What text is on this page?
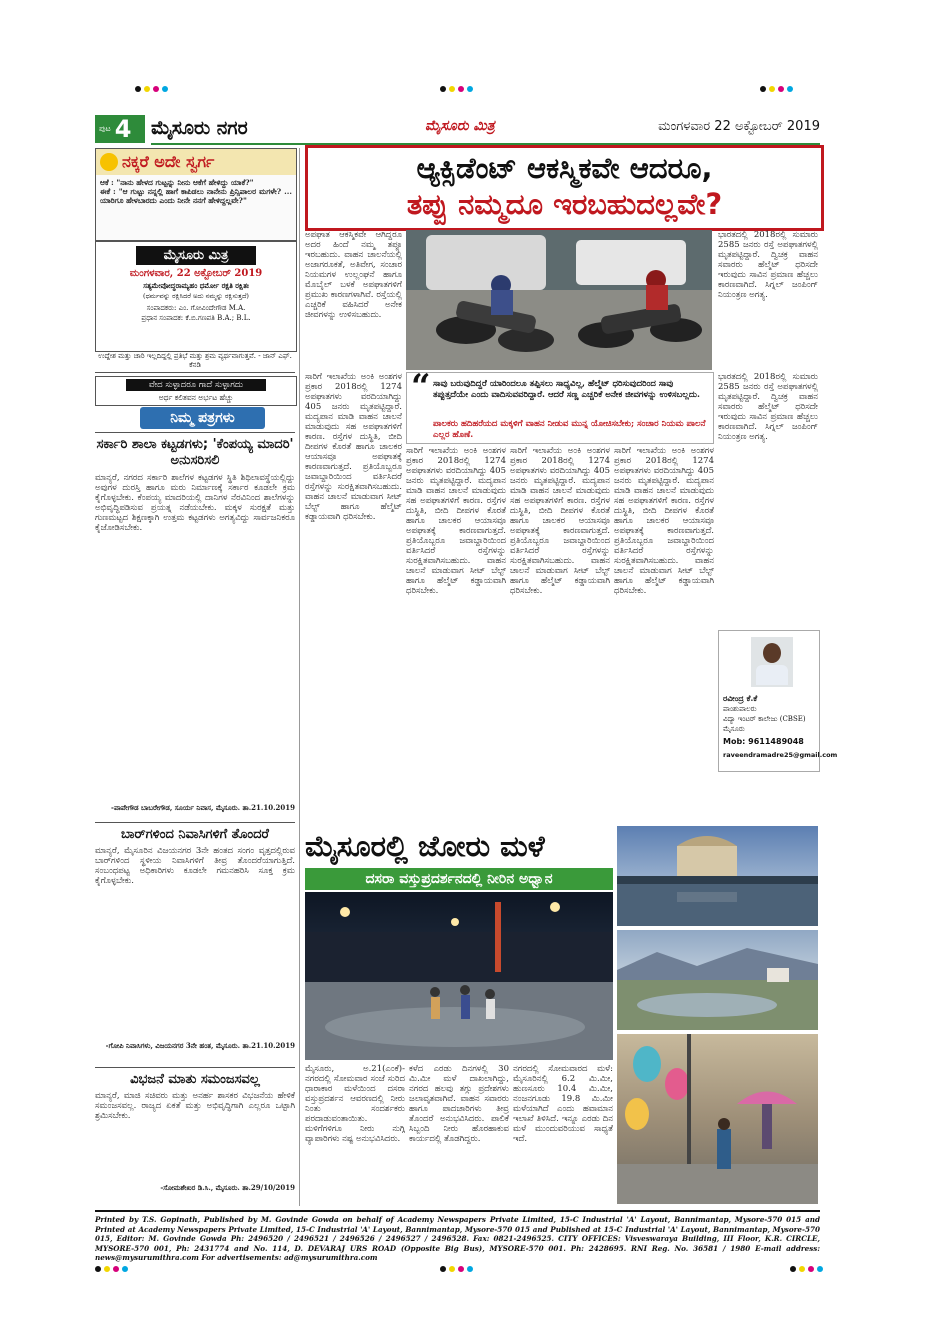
ಪುಟ 4 ಮೈಸೂರು ನಗರ	ಮೈಸೂರು ಮಿತ್ರ	ಮಂಗಳವಾರ 22 ಅಕ್ಟೋಬರ್ 2019
ನಕ್ಕರೆ ಅದೇ ಸ್ವರ್ಗ
ಆಕೆ : "ನಾನು ಹೇಳದ ಗುಟ್ಟನ್ನು ನೀನು ಆಕೆಗೆ ಹೇಳಿದ್ದು ಯಾಕೆ?"
ಈಕೆ : "ಆ ಗುಟ್ಟು ನನ್ನಲ್ಲಿ ಹಾಗೆ ಕಾಪಿಡಲು ನಾನೇನು ಪ್ರಿನ್ಸಿಪಾಲರ ಮಗಳೇ? ... ಯಾರಿಗೂ ಹೇಳಬಾರದು ಎಂದು ನೀನೇ ನನಗೆ ಹೇಳಿದ್ದಲ್ಲವೇ?"
ಮೈಸೂರು ಮಿತ್ರ
ಮಂಗಳವಾರ, 22 ಅಕ್ಟೋಬರ್ 2019
ಸತ್ಯಮೇವೋದ್ಧರಾಮ್ಯಹಂ ಧರ್ಮೋ ರಕ್ಷತಿ ರಕ್ಷಿತಃ
(ಧರ್ಮವನ್ನು ರಕ್ಷಿಸಿದರೆ ಅದು ನಮ್ಮನ್ನು ರಕ್ಷಿಸುತ್ತದೆ)
ಸಂಪಾದಕರು: ಎಂ. ಗೋವಿಂದೇಗೌಡ M.A.
ಪ್ರಧಾನ ಸಂಪಾದಕ: ಕೆ.ಬಿ.ಗಣಪತಿ B.A.; B.L.
ಉದ್ದೇಶ ಮತ್ತು ಚಾರಿ ಇಲ್ಲದಿದ್ದಲ್ಲಿ ಪ್ರತಿಭೆ ಮತ್ತು ಶ್ರಮ ವ್ಯರ್ಥವಾಗುತ್ತವೆ. - ಜಾನ್ ಎಫ್. ಕೆನಡಿ
ವೇದ ಸುಳ್ಳಾದರೂ ಗಾದೆ ಸುಳ್ಳಾಗದು
ಅರ್ಧ ಕಲಿತವನ ಅರ್ಭಟ ಹೆಚ್ಚು
ನಿಮ್ಮ ಪತ್ರಗಳು
ಸರ್ಕಾರಿ ಶಾಲಾ ಕಟ್ಟಡಗಳು; 'ಕೆಂಪಯ್ಯ ಮಾದರಿ' ಅನುಸರಿಸಲಿ
ಮಾನ್ಯರೆ, ನಗರದ ಸರ್ಕಾರಿ ಶಾಲೆಗಳ ಕಟ್ಟಡಗಳ ಸ್ಥಿತಿ ಶಿಥಿಲಾವಸ್ಥೆಯಲ್ಲಿದ್ದು ಅವುಗಳ ದುರಸ್ತಿ ಹಾಗೂ ಮರು ನಿರ್ಮಾಣಕ್ಕೆ ಸರ್ಕಾರ ಕೂಡಲೇ ಕ್ರಮ ಕೈಗೊಳ್ಳಬೇಕು. ಕೆಂಪಯ್ಯ ಮಾದರಿಯಲ್ಲಿ ದಾನಿಗಳ ನೆರವಿನಿಂದ ಶಾಲೆಗಳನ್ನು ಅಭಿವೃದ್ಧಿಪಡಿಸುವ ಪ್ರಯತ್ನ ನಡೆಯಬೇಕು. ಮಕ್ಕಳ ಸುರಕ್ಷತೆ ಮತ್ತು ಗುಣಮಟ್ಟದ ಶಿಕ್ಷಣಕ್ಕಾಗಿ ಉತ್ತಮ ಕಟ್ಟಡಗಳು ಅಗತ್ಯವಿದ್ದು ಸಾರ್ವಜನಿಕರೂ ಕೈಜೋಡಿಸಬೇಕು.
-ಪಾಪೇಗೌಡ ಬಾಬರೇಗೌಡ, ಸೂರ್ಯ ನಿವಾಸ, ಮೈಸೂರು. ತಾ.21.10.2019
ಬಾರ್‌ಗಳಿಂದ ನಿವಾಸಿಗಳಿಗೆ ತೊಂದರೆ
ಮಾನ್ಯರೆ, ಮೈಸೂರಿನ ವಿಜಯನಗರ 3ನೇ ಹಂತದ ಸಂಗಂ ವೃತ್ತದಲ್ಲಿರುವ ಬಾರ್‌ಗಳಿಂದ ಸ್ಥಳೀಯ ನಿವಾಸಿಗಳಿಗೆ ತೀವ್ರ ತೊಂದರೆಯಾಗುತ್ತಿದೆ. ಸಂಬಂಧಪಟ್ಟ ಅಧಿಕಾರಿಗಳು ಕೂಡಲೇ ಗಮನಹರಿಸಿ ಸೂಕ್ತ ಕ್ರಮ ಕೈಗೊಳ್ಳಬೇಕು.
-ಗೋಪಿ ನಿವಾಸಿಗಳು, ವಿಜಯನಗರ 3ನೇ ಹಂತ, ಮೈಸೂರು. ತಾ.21.10.2019
ವಿಭಜನೆ ಮಾತು ಸಮಂಜಸವಲ್ಲ
ಮಾನ್ಯರೆ, ಮಾಜಿ ಸಚಿವರು ಮತ್ತು ಅನರ್ಹ ಶಾಸಕರ ವಿಭಜನೆಯ ಹೇಳಿಕೆ ಸಮಂಜಸವಲ್ಲ. ರಾಜ್ಯದ ಏಕತೆ ಮತ್ತು ಅಭಿವೃದ್ಧಿಗಾಗಿ ಎಲ್ಲರೂ ಒಟ್ಟಾಗಿ ಶ್ರಮಿಸಬೇಕು.
-ಸೋಮಶೇಖರ ಡಿ.ಸಿ., ಮೈಸೂರು. ತಾ.29/10/2019
ಆ್ಯಕ್ಸಿಡೆಂಟ್ ಆಕಸ್ಮಿಕವೇ ಆದರೂ,
ತಪ್ಪು ನಮ್ಮದೂ ಇರಬಹುದಲ್ಲವೇ?
ಅಪಘಾತ ಆಕಸ್ಮಿಕವೇ ಆಗಿದ್ದರೂ ಅದರ ಹಿಂದೆ ನಮ್ಮ ತಪ್ಪೂ ಇರಬಹುದು. ವಾಹನ ಚಾಲನೆಯಲ್ಲಿ ಅಜಾಗರೂಕತೆ, ಅತಿವೇಗ, ಸಂಚಾರ ನಿಯಮಗಳ ಉಲ್ಲಂಘನೆ ಹಾಗೂ ಮೊಬೈಲ್ ಬಳಕೆ ಅಪಘಾತಗಳಿಗೆ ಪ್ರಮುಖ ಕಾರಣಗಳಾಗಿವೆ. ರಸ್ತೆಯಲ್ಲಿ ಎಚ್ಚರಿಕೆ ವಹಿಸಿದರೆ ಅನೇಕ ಜೀವಗಳನ್ನು ಉಳಿಸಬಹುದು.
ಭಾರತದಲ್ಲಿ 2018ರಲ್ಲಿ ಸುಮಾರು 2585 ಜನರು ರಸ್ತೆ ಅಪಘಾತಗಳಲ್ಲಿ ಮೃತಪಟ್ಟಿದ್ದಾರೆ. ದ್ವಿಚಕ್ರ ವಾಹನ ಸವಾರರು ಹೆಲ್ಮೆಟ್ ಧರಿಸದೇ ಇರುವುದು ಸಾವಿನ ಪ್ರಮಾಣ ಹೆಚ್ಚಲು ಕಾರಣವಾಗಿದೆ. ಸಿಗ್ನಲ್ ಜಂಪಿಂಗ್ ನಿಯಂತ್ರಣ ಅಗತ್ಯ.
“ ಸಾವು ಬರುವುದಿದ್ದರೆ ಯಾರಿಂದಲೂ ತಪ್ಪಿಸಲು ಸಾಧ್ಯವಿಲ್ಲ, ಹೆಲ್ಮೆಟ್ ಧರಿಸುವುದರಿಂದ ಸಾವು ತಪ್ಪುತ್ತದೆಯೇ ಎಂದು ವಾದಿಸುವವರಿದ್ದಾರೆ. ಆದರೆ ಸಣ್ಣ ಎಚ್ಚರಿಕೆ ಅನೇಕ ಜೀವಗಳನ್ನು ಉಳಿಸಬಲ್ಲದು.
ಪಾಲಕರು ಹದಿಹರೆಯದ ಮಕ್ಕಳಿಗೆ ವಾಹನ ನೀಡುವ ಮುನ್ನ ಯೋಚಿಸಬೇಕು; ಸಂಚಾರ ನಿಯಮ ಪಾಲನೆ ಎಲ್ಲರ ಹೊಣೆ.
ಸಾರಿಗೆ ಇಲಾಖೆಯ ಅಂಕಿ ಅಂಶಗಳ ಪ್ರಕಾರ 2018ರಲ್ಲಿ 1274 ಅಪಘಾತಗಳು ವರದಿಯಾಗಿದ್ದು 405 ಜನರು ಮೃತಪಟ್ಟಿದ್ದಾರೆ. ಮದ್ಯಪಾನ ಮಾಡಿ ವಾಹನ ಚಾಲನೆ ಮಾಡುವುದು ಸಹ ಅಪಘಾತಗಳಿಗೆ ಕಾರಣ. ರಸ್ತೆಗಳ ದುಸ್ಥಿತಿ, ಬೀದಿ ದೀಪಗಳ ಕೊರತೆ ಹಾಗೂ ಚಾಲಕರ ಆಯಾಸವೂ ಅಪಘಾತಕ್ಕೆ ಕಾರಣವಾಗುತ್ತದೆ. ಪ್ರತಿಯೊಬ್ಬರೂ ಜವಾಬ್ದಾರಿಯಿಂದ ವರ್ತಿಸಿದರೆ ರಸ್ತೆಗಳನ್ನು ಸುರಕ್ಷಿತವಾಗಿಸಬಹುದು. ವಾಹನ ಚಾಲನೆ ಮಾಡುವಾಗ ಸೀಟ್ ಬೆಲ್ಟ್ ಹಾಗೂ ಹೆಲ್ಮೆಟ್ ಕಡ್ಡಾಯವಾಗಿ ಧರಿಸಬೇಕು.
ಸಾರಿಗೆ ಇಲಾಖೆಯ ಅಂಕಿ ಅಂಶಗಳ ಪ್ರಕಾರ 2018ರಲ್ಲಿ 1274 ಅಪಘಾತಗಳು ವರದಿಯಾಗಿದ್ದು 405 ಜನರು ಮೃತಪಟ್ಟಿದ್ದಾರೆ. ಮದ್ಯಪಾನ ಮಾಡಿ ವಾಹನ ಚಾಲನೆ ಮಾಡುವುದು ಸಹ ಅಪಘಾತಗಳಿಗೆ ಕಾರಣ. ರಸ್ತೆಗಳ ದುಸ್ಥಿತಿ, ಬೀದಿ ದೀಪಗಳ ಕೊರತೆ ಹಾಗೂ ಚಾಲಕರ ಆಯಾಸವೂ ಅಪಘಾತಕ್ಕೆ ಕಾರಣವಾಗುತ್ತದೆ. ಪ್ರತಿಯೊಬ್ಬರೂ ಜವಾಬ್ದಾರಿಯಿಂದ ವರ್ತಿಸಿದರೆ ರಸ್ತೆಗಳನ್ನು ಸುರಕ್ಷಿತವಾಗಿಸಬಹುದು. ವಾಹನ ಚಾಲನೆ ಮಾಡುವಾಗ ಸೀಟ್ ಬೆಲ್ಟ್ ಹಾಗೂ ಹೆಲ್ಮೆಟ್ ಕಡ್ಡಾಯವಾಗಿ ಧರಿಸಬೇಕು.
ಸಾರಿಗೆ ಇಲಾಖೆಯ ಅಂಕಿ ಅಂಶಗಳ ಪ್ರಕಾರ 2018ರಲ್ಲಿ 1274 ಅಪಘಾತಗಳು ವರದಿಯಾಗಿದ್ದು 405 ಜನರು ಮೃತಪಟ್ಟಿದ್ದಾರೆ. ಮದ್ಯಪಾನ ಮಾಡಿ ವಾಹನ ಚಾಲನೆ ಮಾಡುವುದು ಸಹ ಅಪಘಾತಗಳಿಗೆ ಕಾರಣ. ರಸ್ತೆಗಳ ದುಸ್ಥಿತಿ, ಬೀದಿ ದೀಪಗಳ ಕೊರತೆ ಹಾಗೂ ಚಾಲಕರ ಆಯಾಸವೂ ಅಪಘಾತಕ್ಕೆ ಕಾರಣವಾಗುತ್ತದೆ. ಪ್ರತಿಯೊಬ್ಬರೂ ಜವಾಬ್ದಾರಿಯಿಂದ ವರ್ತಿಸಿದರೆ ರಸ್ತೆಗಳನ್ನು ಸುರಕ್ಷಿತವಾಗಿಸಬಹುದು. ವಾಹನ ಚಾಲನೆ ಮಾಡುವಾಗ ಸೀಟ್ ಬೆಲ್ಟ್ ಹಾಗೂ ಹೆಲ್ಮೆಟ್ ಕಡ್ಡಾಯವಾಗಿ ಧರಿಸಬೇಕು.
ಸಾರಿಗೆ ಇಲಾಖೆಯ ಅಂಕಿ ಅಂಶಗಳ ಪ್ರಕಾರ 2018ರಲ್ಲಿ 1274 ಅಪಘಾತಗಳು ವರದಿಯಾಗಿದ್ದು 405 ಜನರು ಮೃತಪಟ್ಟಿದ್ದಾರೆ. ಮದ್ಯಪಾನ ಮಾಡಿ ವಾಹನ ಚಾಲನೆ ಮಾಡುವುದು ಸಹ ಅಪಘಾತಗಳಿಗೆ ಕಾರಣ. ರಸ್ತೆಗಳ ದುಸ್ಥಿತಿ, ಬೀದಿ ದೀಪಗಳ ಕೊರತೆ ಹಾಗೂ ಚಾಲಕರ ಆಯಾಸವೂ ಅಪಘಾತಕ್ಕೆ ಕಾರಣವಾಗುತ್ತದೆ. ಪ್ರತಿಯೊಬ್ಬರೂ ಜವಾಬ್ದಾರಿಯಿಂದ ವರ್ತಿಸಿದರೆ ರಸ್ತೆಗಳನ್ನು ಸುರಕ್ಷಿತವಾಗಿಸಬಹುದು. ವಾಹನ ಚಾಲನೆ ಮಾಡುವಾಗ ಸೀಟ್ ಬೆಲ್ಟ್ ಹಾಗೂ ಹೆಲ್ಮೆಟ್ ಕಡ್ಡಾಯವಾಗಿ ಧರಿಸಬೇಕು.
ಭಾರತದಲ್ಲಿ 2018ರಲ್ಲಿ ಸುಮಾರು 2585 ಜನರು ರಸ್ತೆ ಅಪಘಾತಗಳಲ್ಲಿ ಮೃತಪಟ್ಟಿದ್ದಾರೆ. ದ್ವಿಚಕ್ರ ವಾಹನ ಸವಾರರು ಹೆಲ್ಮೆಟ್ ಧರಿಸದೇ ಇರುವುದು ಸಾವಿನ ಪ್ರಮಾಣ ಹೆಚ್ಚಲು ಕಾರಣವಾಗಿದೆ. ಸಿಗ್ನಲ್ ಜಂಪಿಂಗ್ ನಿಯಂತ್ರಣ ಅಗತ್ಯ.
ರವೀಂದ್ರ ಕೆ.ಕೆ
ಪಾಂಶುಪಾಲರು
ವಿದ್ಯಾ ಇಂಟರ್ ಕಾಲೇಜು (CBSE)
ಮೈಸೂರು
Mob: 9611489048
raveendramadre25@gmail.com
ಮೈಸೂರಲ್ಲಿ ಜೋರು ಮಳೆ
ದಸರಾ ವಸ್ತುಪ್ರದರ್ಶನದಲ್ಲಿ ನೀರಿನ ಅಧ್ವಾನ
ಮೈಸೂರು, ಅ.21(ಎಂಕೆ)- ನಗರದಲ್ಲಿ ಸೋಮವಾರ ಸಂಜೆ ಸುರಿದ ಧಾರಾಕಾರ ಮಳೆಯಿಂದ ದಸರಾ ವಸ್ತುಪ್ರದರ್ಶನ ಆವರಣದಲ್ಲಿ ನೀರು ನಿಂತು ಸಂದರ್ಶಕರು ಪರದಾಡುವಂತಾಯಿತು. ಮಳಿಗೆಗಳಿಗೂ ನೀರು ನುಗ್ಗಿ ವ್ಯಾಪಾರಿಗಳು ನಷ್ಟ ಅನುಭವಿಸಿದರು.
ಕಳೆದ ಎರಡು ದಿನಗಳಲ್ಲಿ 30 ಮಿ.ಮೀ ಮಳೆ ದಾಖಲಾಗಿದ್ದು, ನಗರದ ಹಲವು ತಗ್ಗು ಪ್ರದೇಶಗಳು ಜಲಾವೃತವಾಗಿವೆ. ವಾಹನ ಸವಾರರು ಹಾಗೂ ಪಾದಚಾರಿಗಳು ತೀವ್ರ ತೊಂದರೆ ಅನುಭವಿಸಿದರು. ಪಾಲಿಕೆ ಸಿಬ್ಬಂದಿ ನೀರು ಹೊರಹಾಕುವ ಕಾರ್ಯದಲ್ಲಿ ತೊಡಗಿದ್ದರು.
ನಗರದಲ್ಲಿ ಸೋಮವಾರದ ಮಳೆ: ಮೈಸೂರಿನಲ್ಲಿ 6.2 ಮಿ.ಮೀ, ಹುಣಸೂರು 10.4 ಮಿ.ಮೀ, ನಂಜನಗೂಡು 19.8 ಮಿ.ಮೀ ಮಳೆಯಾಗಿದೆ ಎಂದು ಹವಾಮಾನ ಇಲಾಖೆ ತಿಳಿಸಿದೆ. ಇನ್ನೂ ಎರಡು ದಿನ ಮಳೆ ಮುಂದುವರಿಯುವ ಸಾಧ್ಯತೆ ಇದೆ.
Printed by T.S. Gopinath, Published by M. Govinde Gowda on behalf of Academy Newspapers Private Limited, 15-C Industrial 'A' Layout, Bannimantap, Mysore-570 015 and Printed at Academy Newspapers Private Limited, 15-C Industrial 'A' Layout, Bannimantap, Mysore-570 015 and Published at 15-C Industrial 'A' Layout, Bannimantap, Mysore-570 015, Editor: M. Govinde Gowda Ph: 2496520 / 2496521 / 2496526 / 2496527 / 2496528. Fax: 0821-2496525. CITY OFFICES: Visveswaraya Building, III Floor, K.R. CIRCLE, MYSORE-570 001, Ph: 2431774 and No. 114, D. DEVARAJ URS ROAD (Opposite Big Bus), MYSORE-570 001. Ph: 2428695. RNI Reg. No. 36581 / 1980 E-mail address: news@mysurumithra.com For advertisements: ad@mysurumithra.com
